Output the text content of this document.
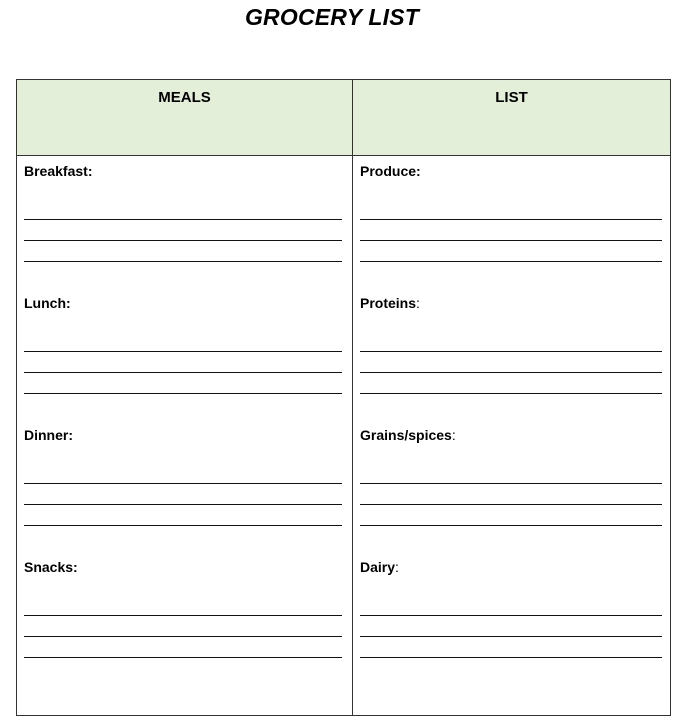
GROCERY LIST
MEALS	LIST
Breakfast:
Lunch:
Dinner:
Snacks:
Produce:
Proteins:
Grains/spices:
Dairy:
